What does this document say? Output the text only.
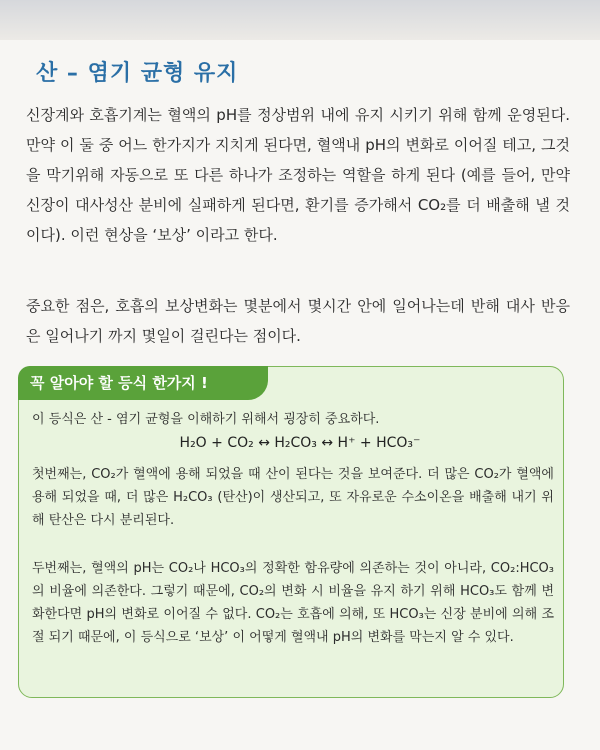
산 – 염기 균형 유지
신장계와 호흡기계는 혈액의 pH를 정상범위 내에 유지 시키기 위해 함께 운영된다. 만약 이 둘 중 어느 한가지가 지치게 된다면, 혈액내 pH의 변화로 이어질 테고, 그것을 막기위해 자동으로 또 다른 하나가 조정하는 역할을 하게 된다 (예를 들어, 만약 신장이 대사성산 분비에 실패하게 된다면, 환기를 증가해서 CO₂를 더 배출해 낼 것이다). 이런 현상을 ‘보상’ 이라고 한다.
중요한 점은, 호흡의 보상변화는 몇분에서 몇시간 안에 일어나는데 반해 대사 반응은 일어나기 까지 몇일이 걸린다는 점이다.
꼭 알아야 할 등식 한가지 !
이 등식은 산 - 염기 균형을 이해하기 위해서 굉장히 중요하다.
H₂O + CO₂ ↔ H₂CO₃ ↔ H⁺ + HCO₃⁻
첫번째는, CO₂가 혈액에 용해 되었을 때 산이 된다는 것을 보여준다. 더 많은 CO₂가 혈액에 용해 되었을 때, 더 많은 H₂CO₃ (탄산)이 생산되고, 또 자유로운 수소이온을 배출해 내기 위해 탄산은 다시 분리된다.
두번째는, 혈액의 pH는 CO₂나 HCO₃의 정확한 함유량에 의존하는 것이 아니라, CO₂:HCO₃의 비율에 의존한다. 그렇기 때문에, CO₂의 변화 시 비율을 유지 하기 위해 HCO₃도 함께 변화한다면 pH의 변화로 이어질 수 없다. CO₂는 호흡에 의해, 또 HCO₃는 신장 분비에 의해 조절 되기 때문에, 이 등식으로 ‘보상’ 이 어떻게 혈액내 pH의 변화를 막는지 알 수 있다.
